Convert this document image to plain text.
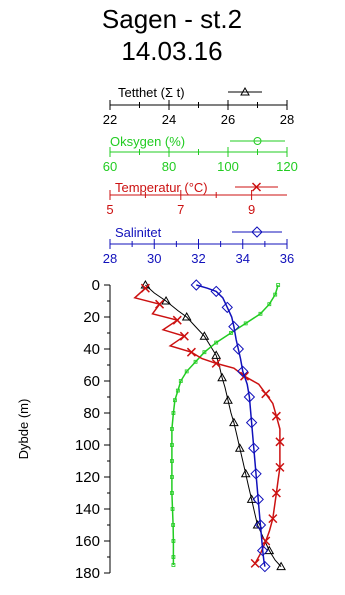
Sagen - st.2
14.03.16
22	24	26	28
Tetthet (Σ t)
60	80	100	120
Oksygen (%)
5	7	9
Temperatur (°C)
28 30 32 34 36
Salinitet
0
20
40
60
80
100
120
140
160
180
Dybde (m)
